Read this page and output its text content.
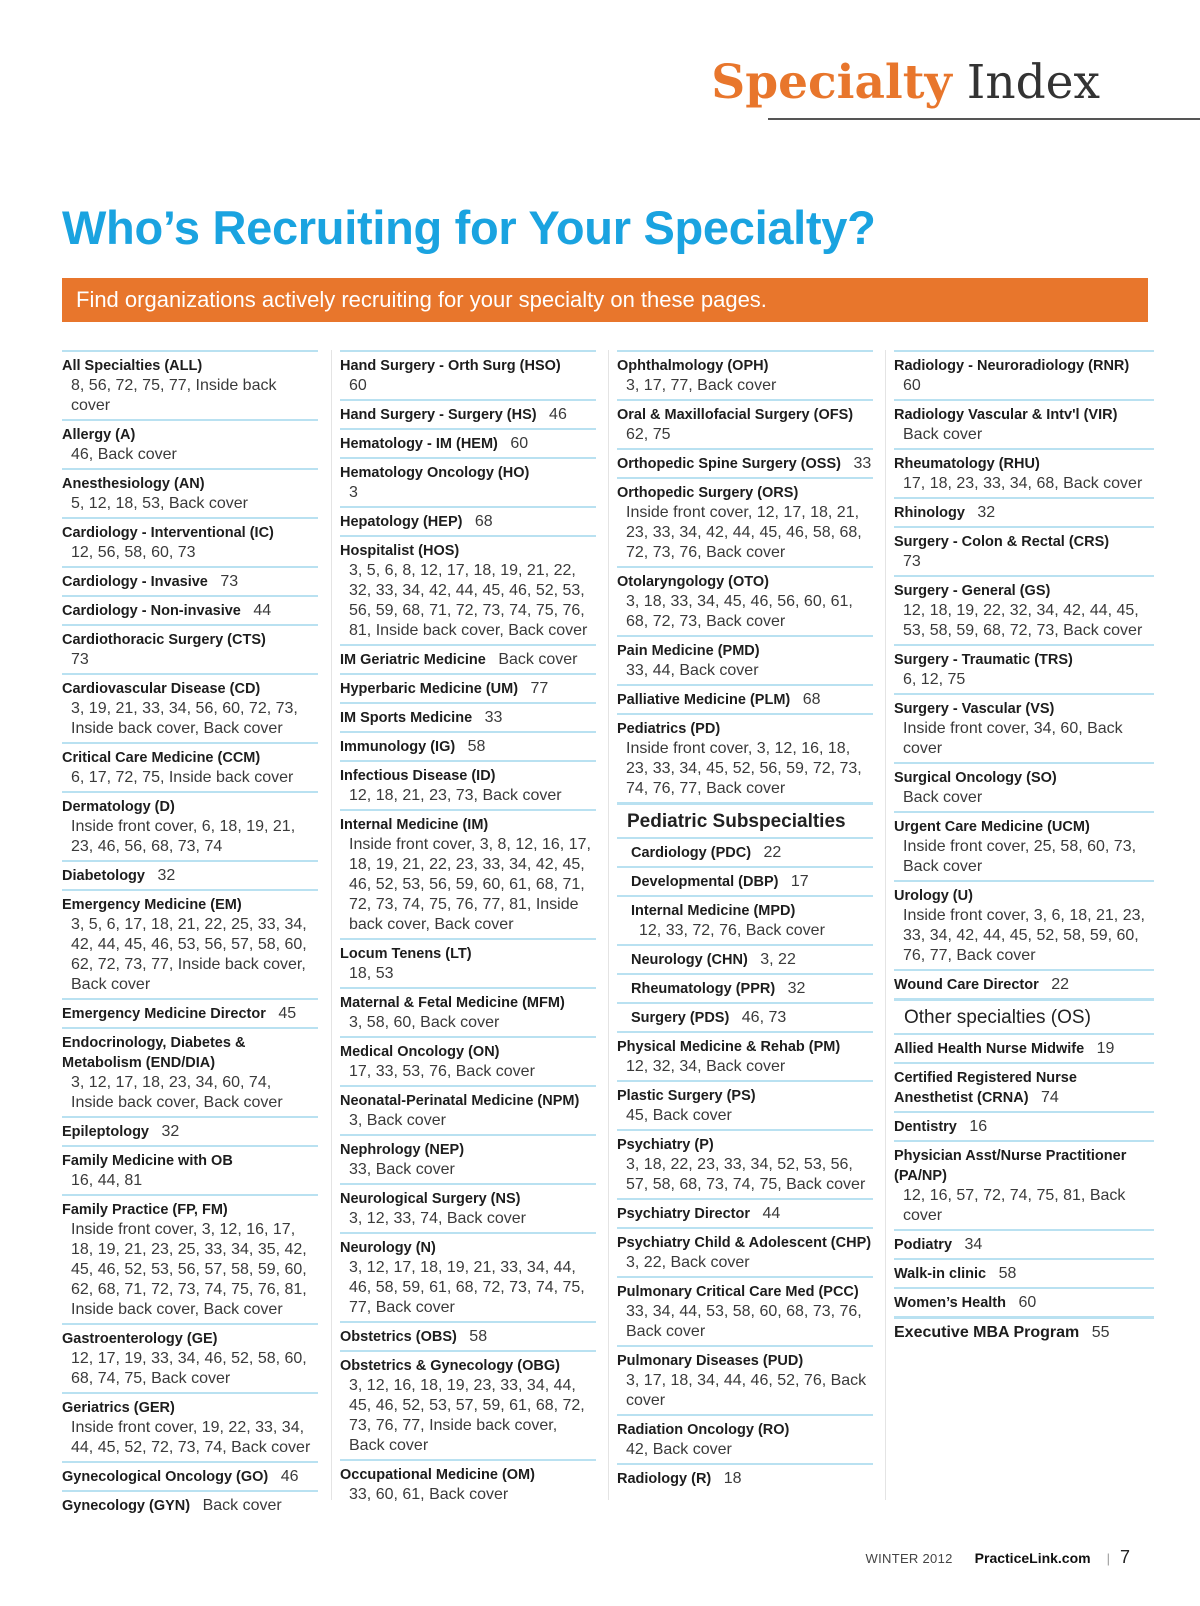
Specialty Index
Who’s Recruiting for Your Specialty?
Find organizations actively recruiting for your specialty on these pages.
All Specialties (ALL)
8, 56, 72, 75, 77, Inside back cover
Allergy (A)
46, Back cover
Anesthesiology (AN)
5, 12, 18, 53, Back cover
Cardiology - Interventional (IC)
12, 56, 58, 60, 73
Cardiology - Invasive 73
Cardiology - Non-invasive 44
Cardiothoracic Surgery (CTS)
73
Cardiovascular Disease (CD)
3, 19, 21, 33, 34, 56, 60, 72, 73, Inside back cover, Back cover
Critical Care Medicine (CCM)
6, 17, 72, 75, Inside back cover
Dermatology (D)
Inside front cover, 6, 18, 19, 21, 23, 46, 56, 68, 73, 74
Diabetology 32
Emergency Medicine (EM)
3, 5, 6, 17, 18, 21, 22, 25, 33, 34, 42, 44, 45, 46, 53, 56, 57, 58, 60, 62, 72, 73, 77, Inside back cover, Back cover
Emergency Medicine Director 45
Endocrinology, Diabetes & Metabolism (END/DIA)
3, 12, 17, 18, 23, 34, 60, 74, Inside back cover, Back cover
Epileptology 32
Family Medicine with OB
16, 44, 81
Family Practice (FP, FM)
Inside front cover, 3, 12, 16, 17, 18, 19, 21, 23, 25, 33, 34, 35, 42, 45, 46, 52, 53, 56, 57, 58, 59, 60, 62, 68, 71, 72, 73, 74, 75, 76, 81, Inside back cover, Back cover
Gastroenterology (GE)
12, 17, 19, 33, 34, 46, 52, 58, 60, 68, 74, 75, Back cover
Geriatrics (GER)
Inside front cover, 19, 22, 33, 34, 44, 45, 52, 72, 73, 74, Back cover
Gynecological Oncology (GO) 46
Gynecology (GYN) Back cover
Hand Surgery - Orth Surg (HSO)
60
Hand Surgery - Surgery (HS) 46
Hematology - IM (HEM) 60
Hematology Oncology (HO)
3
Hepatology (HEP) 68
Hospitalist (HOS)
3, 5, 6, 8, 12, 17, 18, 19, 21, 22, 32, 33, 34, 42, 44, 45, 46, 52, 53, 56, 59, 68, 71, 72, 73, 74, 75, 76, 81, Inside back cover, Back cover
IM Geriatric Medicine Back cover
Hyperbaric Medicine (UM) 77
IM Sports Medicine 33
Immunology (IG) 58
Infectious Disease (ID)
12, 18, 21, 23, 73, Back cover
Internal Medicine (IM)
Inside front cover, 3, 8, 12, 16, 17, 18, 19, 21, 22, 23, 33, 34, 42, 45, 46, 52, 53, 56, 59, 60, 61, 68, 71, 72, 73, 74, 75, 76, 77, 81, Inside back cover, Back cover
Locum Tenens (LT)
18, 53
Maternal & Fetal Medicine (MFM)
3, 58, 60, Back cover
Medical Oncology (ON)
17, 33, 53, 76, Back cover
Neonatal-Perinatal Medicine (NPM)
3, Back cover
Nephrology (NEP)
33, Back cover
Neurological Surgery (NS)
3, 12, 33, 74, Back cover
Neurology (N)
3, 12, 17, 18, 19, 21, 33, 34, 44, 46, 58, 59, 61, 68, 72, 73, 74, 75, 77, Back cover
Obstetrics (OBS) 58
Obstetrics & Gynecology (OBG)
3, 12, 16, 18, 19, 23, 33, 34, 44, 45, 46, 52, 53, 57, 59, 61, 68, 72, 73, 76, 77, Inside back cover, Back cover
Occupational Medicine (OM)
33, 60, 61, Back cover
Ophthalmology (OPH)
3, 17, 77, Back cover
Oral & Maxillofacial Surgery (OFS)
62, 75
Orthopedic Spine Surgery (OSS) 33
Orthopedic Surgery (ORS)
Inside front cover, 12, 17, 18, 21, 23, 33, 34, 42, 44, 45, 46, 58, 68, 72, 73, 76, Back cover
Otolaryngology (OTO)
3, 18, 33, 34, 45, 46, 56, 60, 61, 68, 72, 73, Back cover
Pain Medicine (PMD)
33, 44, Back cover
Palliative Medicine (PLM) 68
Pediatrics (PD)
Inside front cover, 3, 12, 16, 18, 23, 33, 34, 45, 52, 56, 59, 72, 73, 74, 76, 77, Back cover
Pediatric Subspecialties
Cardiology (PDC) 22
Developmental (DBP) 17
Internal Medicine (MPD)
12, 33, 72, 76, Back cover
Neurology (CHN) 3, 22
Rheumatology (PPR) 32
Surgery (PDS) 46, 73
Physical Medicine & Rehab (PM)
12, 32, 34, Back cover
Plastic Surgery (PS)
45, Back cover
Psychiatry (P)
3, 18, 22, 23, 33, 34, 52, 53, 56, 57, 58, 68, 73, 74, 75, Back cover
Psychiatry Director 44
Psychiatry Child & Adolescent (CHP)
3, 22, Back cover
Pulmonary Critical Care Med (PCC)
33, 34, 44, 53, 58, 60, 68, 73, 76, Back cover
Pulmonary Diseases (PUD)
3, 17, 18, 34, 44, 46, 52, 76, Back cover
Radiation Oncology (RO)
42, Back cover
Radiology (R) 18
Radiology - Neuroradiology (RNR)
60
Radiology Vascular & Intv'l (VIR)
Back cover
Rheumatology (RHU)
17, 18, 23, 33, 34, 68, Back cover
Rhinology 32
Surgery - Colon & Rectal (CRS)
73
Surgery - General (GS)
12, 18, 19, 22, 32, 34, 42, 44, 45, 53, 58, 59, 68, 72, 73, Back cover
Surgery - Traumatic (TRS)
6, 12, 75
Surgery - Vascular (VS)
Inside front cover, 34, 60, Back cover
Surgical Oncology (SO)
Back cover
Urgent Care Medicine (UCM)
Inside front cover, 25, 58, 60, 73, Back cover
Urology (U)
Inside front cover, 3, 6, 18, 21, 23, 33, 34, 42, 44, 45, 52, 58, 59, 60, 76, 77, Back cover
Wound Care Director 22
Other specialties (OS)
Allied Health Nurse Midwife 19
Certified Registered Nurse Anesthetist (CRNA) 74
Dentistry 16
Physician Asst/Nurse Practitioner (PA/NP)
12, 16, 57, 72, 74, 75, 81, Back cover
Podiatry 34
Walk-in clinic 58
Women’s Health 60
Executive MBA Program 55
WINTER 2012 PracticeLink.com | 7
